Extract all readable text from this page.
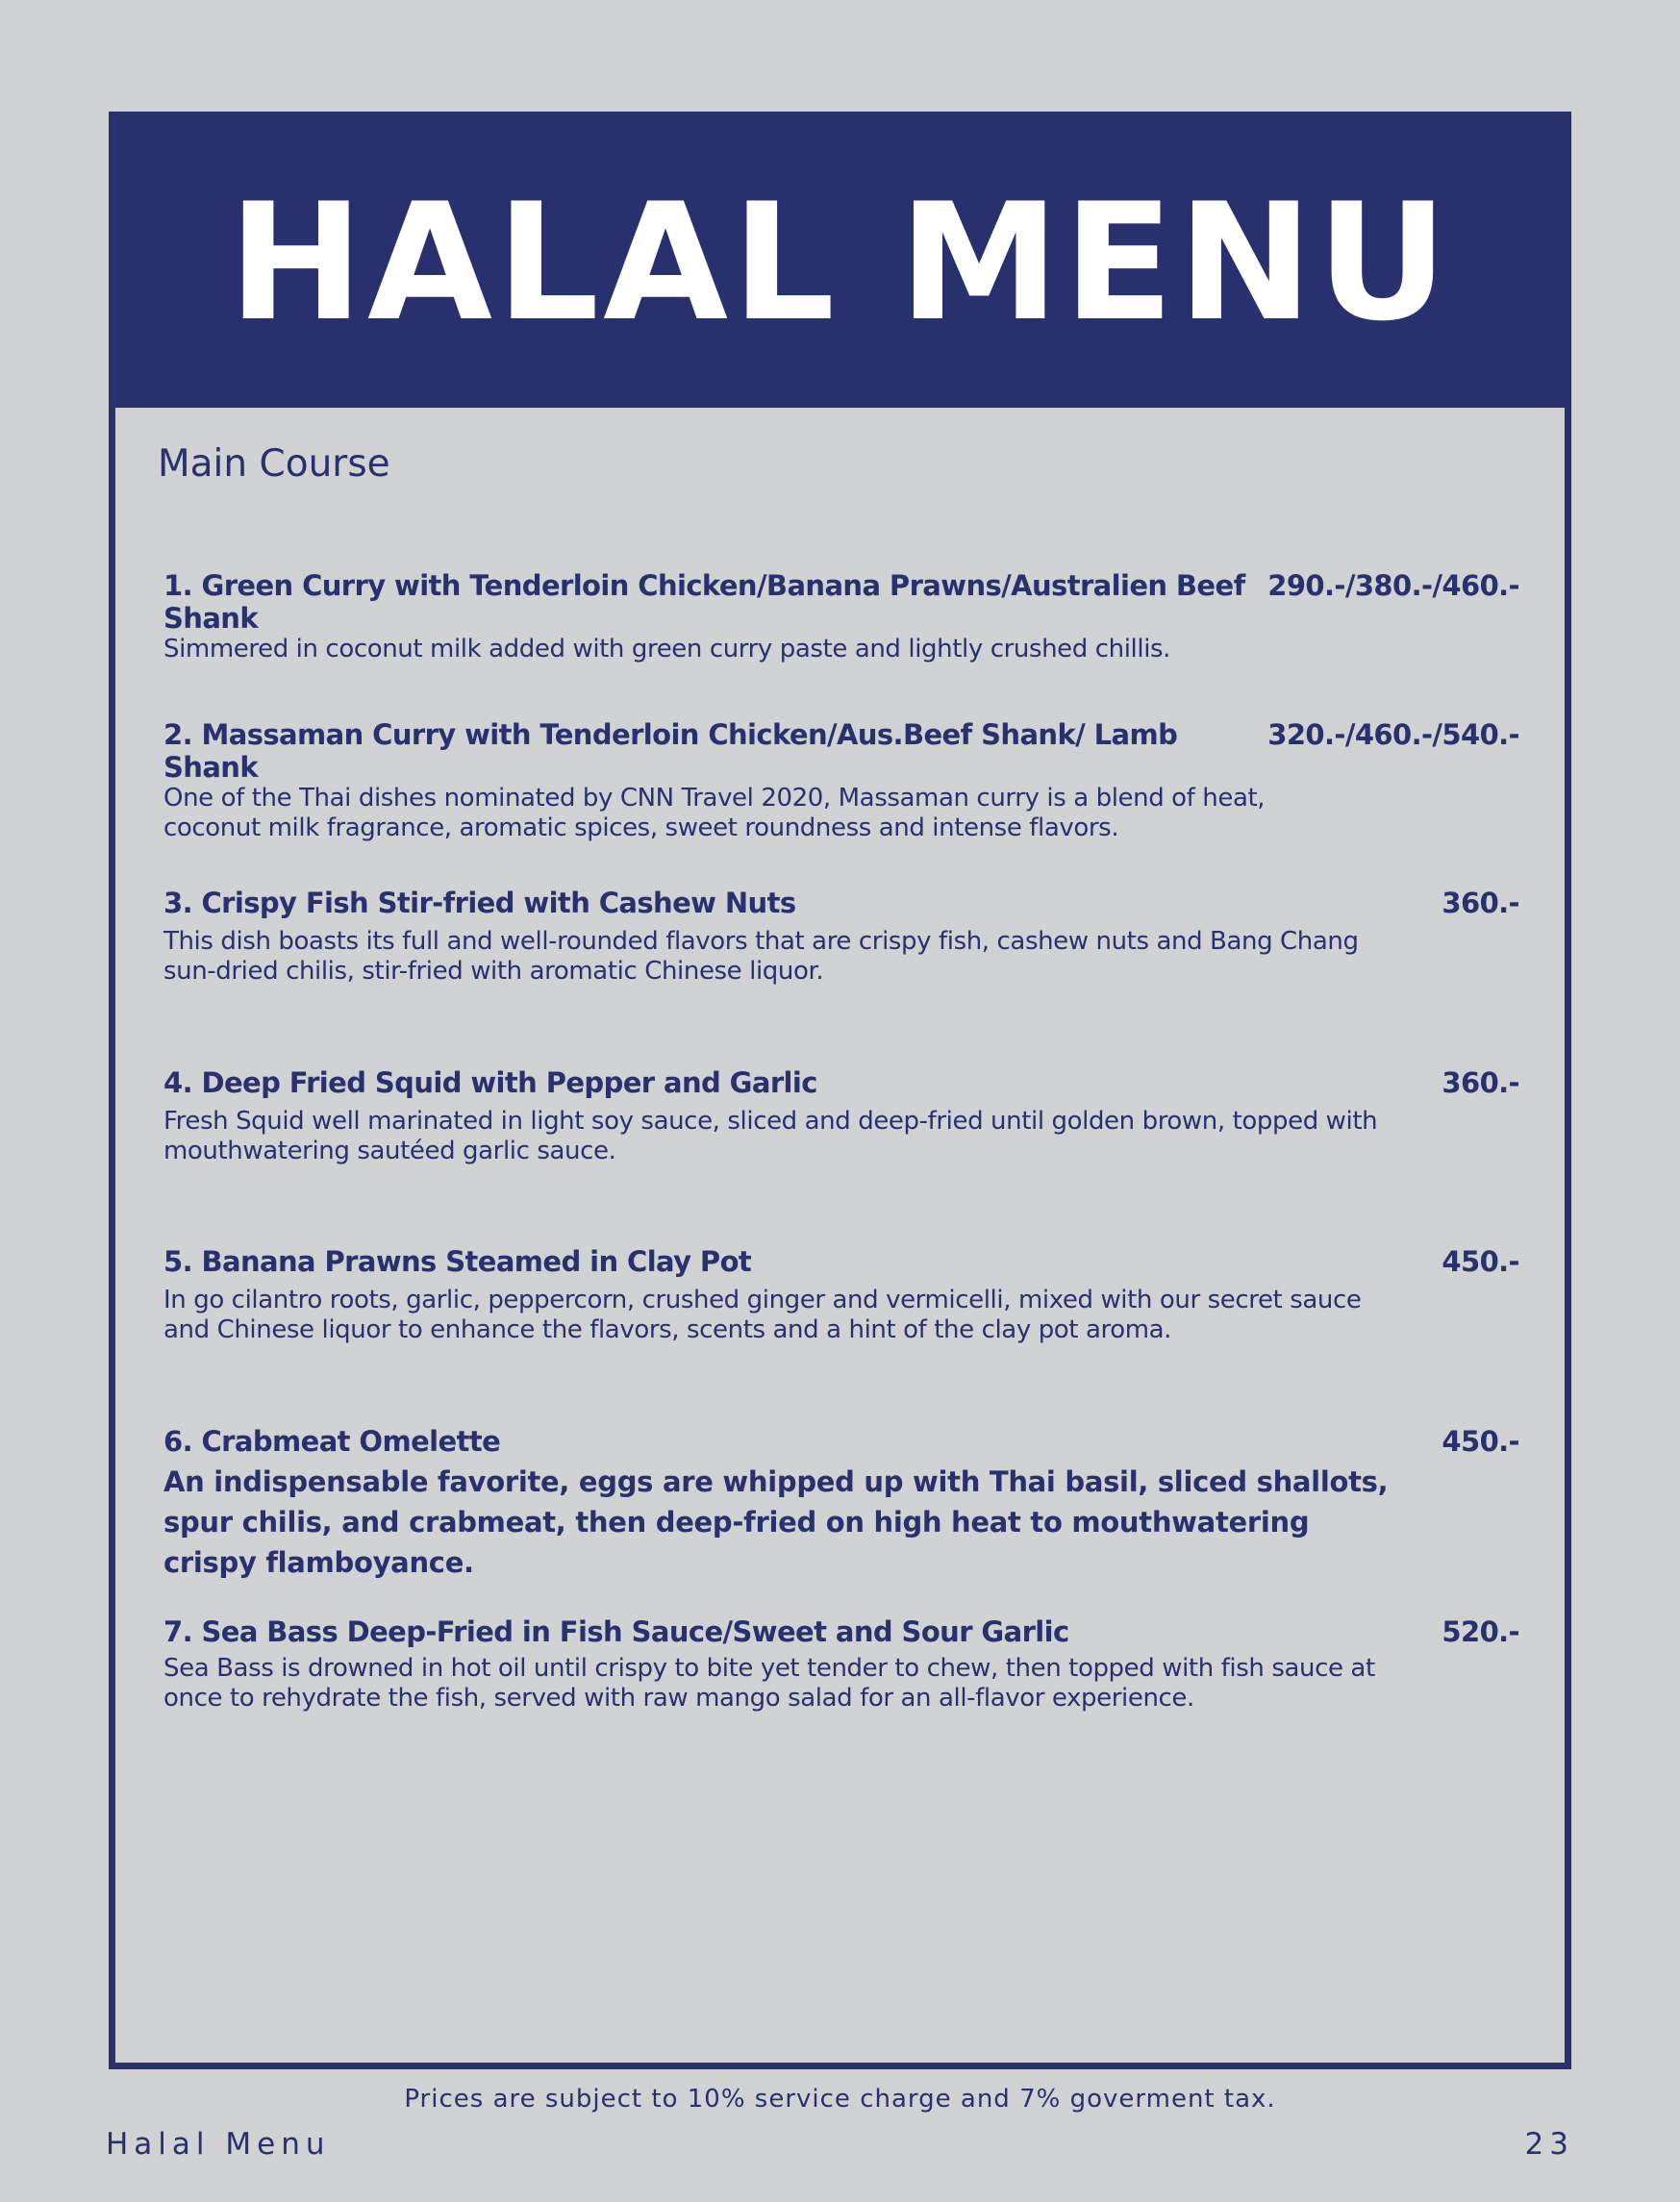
HALAL MENU
Main Course
1. Green Curry with Tenderloin Chicken/Banana Prawns/Australien Beef Shank
290.-/380.-/460.-
Simmered in coconut milk added with green curry paste and lightly crushed chillis.
2. Massaman Curry with Tenderloin Chicken/Aus.Beef Shank/ Lamb Shank
320.-/460.-/540.-
One of the Thai dishes nominated by CNN Travel 2020, Massaman curry is a blend of heat, coconut milk fragrance, aromatic spices, sweet roundness and intense flavors.
3. Crispy Fish Stir-fried with Cashew Nuts	360.-
This dish boasts its full and well-rounded flavors that are crispy fish, cashew nuts and Bang Chang sun-dried chilis, stir-fried with aromatic Chinese liquor.
4. Deep Fried Squid with Pepper and Garlic	360.-
Fresh Squid well marinated in light soy sauce, sliced and deep-fried until golden brown, topped with mouthwatering sautéed garlic sauce.
5. Banana Prawns Steamed in Clay Pot	450.-
In go cilantro roots, garlic, peppercorn, crushed ginger and vermicelli, mixed with our secret sauce and Chinese liquor to enhance the flavors, scents and a hint of the clay pot aroma.
6. Crabmeat Omelette	450.-
An indispensable favorite, eggs are whipped up with Thai basil, sliced shallots, spur chilis, and crabmeat, then deep-fried on high heat to mouthwatering crispy flamboyance.
7. Sea Bass Deep-Fried in Fish Sauce/Sweet and Sour Garlic	520.-
Sea Bass is drowned in hot oil until crispy to bite yet tender to chew, then topped with fish sauce at once to rehydrate the fish, served with raw mango salad for an all-flavor experience.
Prices are subject to 10% service charge and 7% goverment tax.
Halal Menu	23
